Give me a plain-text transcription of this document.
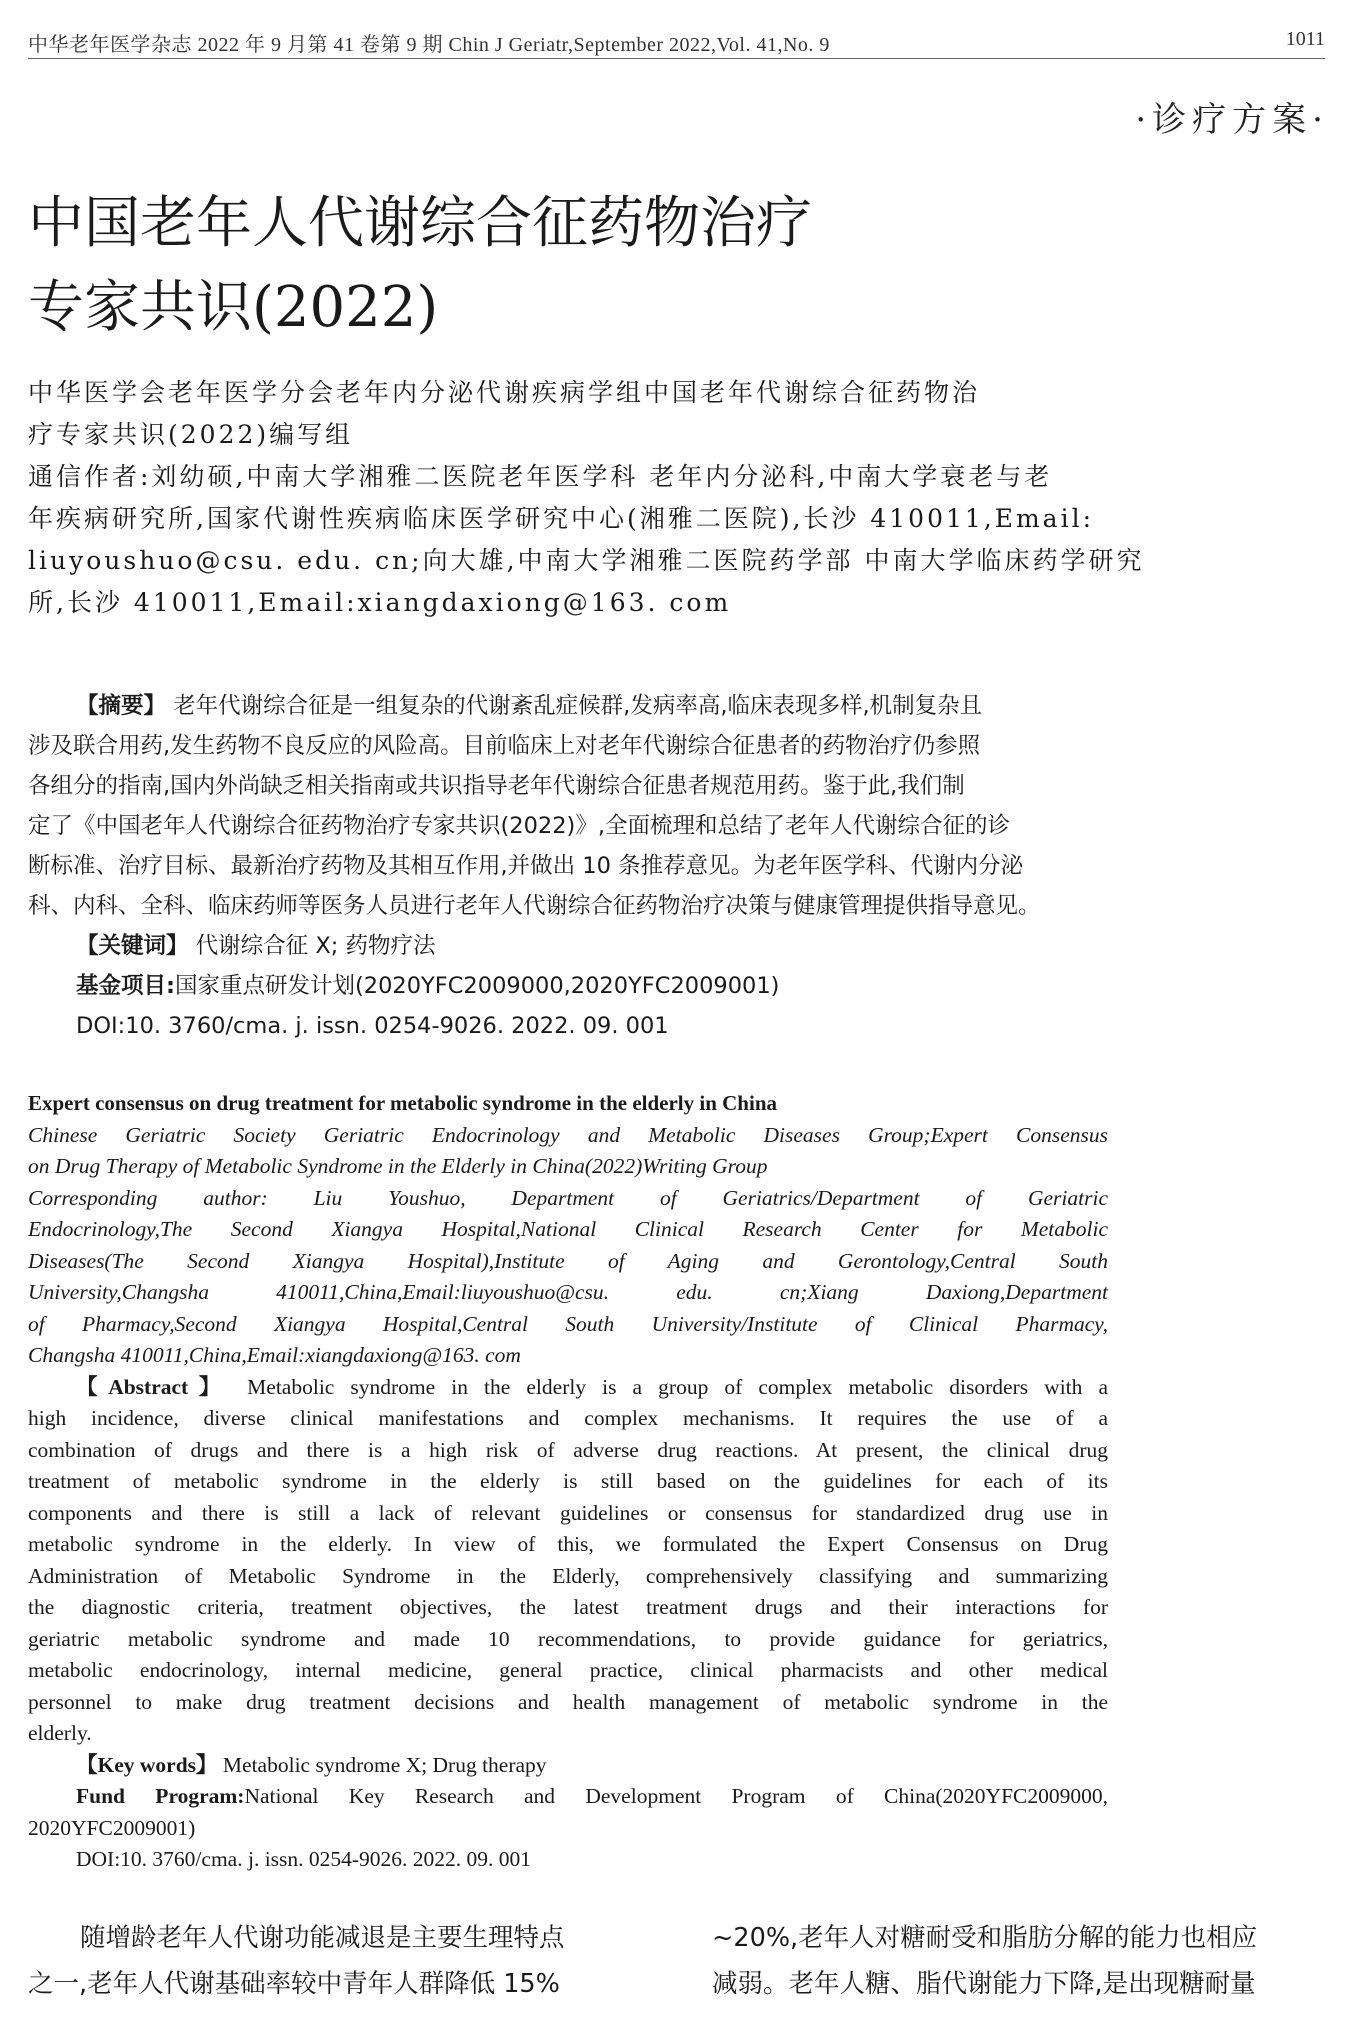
中华老年医学杂志 2022 年 9 月第 41 卷第 9 期 Chin J Geriatr,September 2022,Vol. 41,No. 9	1011
·诊疗方案·
中国老年人代谢综合征药物治疗
专家共识(2022)
中华医学会老年医学分会老年内分泌代谢疾病学组中国老年代谢综合征药物治
疗专家共识(2022)编写组
通信作者:刘幼硕,中南大学湘雅二医院老年医学科 老年内分泌科,中南大学衰老与老
年疾病研究所,国家代谢性疾病临床医学研究中心(湘雅二医院),长沙 410011,Email:
liuyoushuo@csu. edu. cn;向大雄,中南大学湘雅二医院药学部 中南大学临床药学研究
所,长沙 410011,Email:xiangdaxiong@163. com
【摘要】 老年代谢综合征是一组复杂的代谢紊乱症候群,发病率高,临床表现多样,机制复杂且
涉及联合用药,发生药物不良反应的风险高。目前临床上对老年代谢综合征患者的药物治疗仍参照
各组分的指南,国内外尚缺乏相关指南或共识指导老年代谢综合征患者规范用药。鉴于此,我们制
定了《中国老年人代谢综合征药物治疗专家共识(2022)》,全面梳理和总结了老年人代谢综合征的诊
断标准、治疗目标、最新治疗药物及其相互作用,并做出 10 条推荐意见。为老年医学科、代谢内分泌
科、内科、全科、临床药师等医务人员进行老年人代谢综合征药物治疗决策与健康管理提供指导意见。
【关键词】 代谢综合征 X; 药物疗法
基金项目:国家重点研发计划(2020YFC2009000,2020YFC2009001)
DOI:10. 3760/cma. j. issn. 0254-9026. 2022. 09. 001
Expert consensus on drug treatment for metabolic syndrome in the elderly in China
Chinese Geriatric Society Geriatric Endocrinology and Metabolic Diseases Group;Expert Consensus
on Drug Therapy of Metabolic Syndrome in the Elderly in China(2022)Writing Group
Corresponding author: Liu Youshuo, Department of Geriatrics/Department of Geriatric
Endocrinology,The Second Xiangya Hospital,National Clinical Research Center for Metabolic
Diseases(The Second Xiangya Hospital),Institute of Aging and Gerontology,Central South
University,Changsha 410011,China,Email:liuyoushuo@csu. edu. cn;Xiang Daxiong,Department
of Pharmacy,Second Xiangya Hospital,Central South University/Institute of Clinical Pharmacy,
Changsha 410011,China,Email:xiangdaxiong@163. com
【Abstract】 Metabolic syndrome in the elderly is a group of complex metabolic disorders with a
high incidence, diverse clinical manifestations and complex mechanisms. It requires the use of a
combination of drugs and there is a high risk of adverse drug reactions. At present, the clinical drug
treatment of metabolic syndrome in the elderly is still based on the guidelines for each of its
components and there is still a lack of relevant guidelines or consensus for standardized drug use in
metabolic syndrome in the elderly. In view of this, we formulated the Expert Consensus on Drug
Administration of Metabolic Syndrome in the Elderly, comprehensively classifying and summarizing
the diagnostic criteria, treatment objectives, the latest treatment drugs and their interactions for
geriatric metabolic syndrome and made 10 recommendations, to provide guidance for geriatrics,
metabolic endocrinology, internal medicine, general practice, clinical pharmacists and other medical
personnel to make drug treatment decisions and health management of metabolic syndrome in the
elderly.
【Key words】 Metabolic syndrome X; Drug therapy
Fund Program:National Key Research and Development Program of China(2020YFC2009000,
2020YFC2009001)
DOI:10. 3760/cma. j. issn. 0254-9026. 2022. 09. 001
随增龄老年人代谢功能减退是主要生理特点
之一,老年人代谢基础率较中青年人群降低 15%
~20%,老年人对糖耐受和脂肪分解的能力也相应
减弱。老年人糖、脂代谢能力下降,是出现糖耐量
